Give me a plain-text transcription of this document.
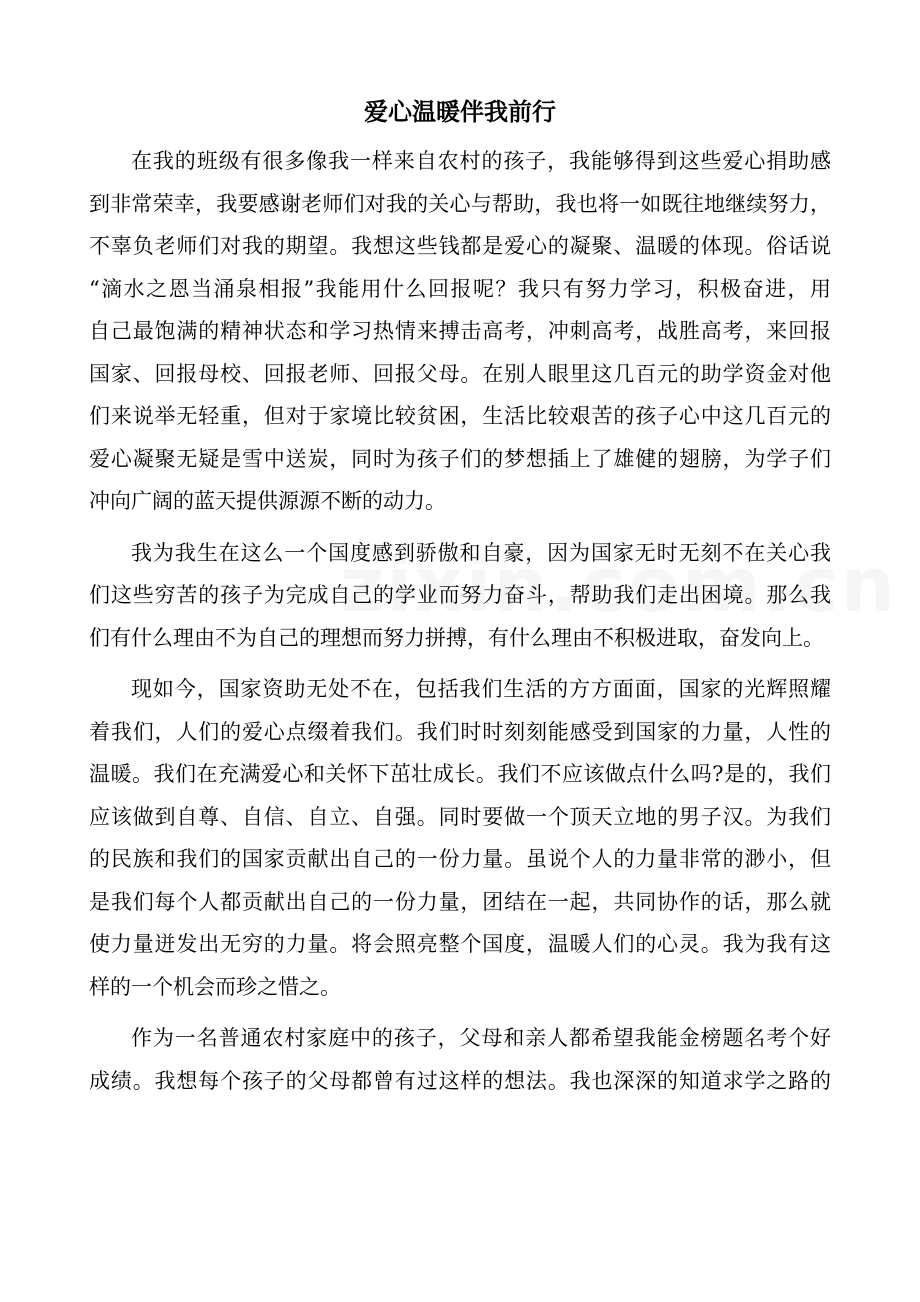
爱心温暖伴我前行
在我的班级有很多像我一样来自农村的孩子，我能够得到这些爱心捐助感
到非常荣幸，我要感谢老师们对我的关心与帮助，我也将一如既往地继续努力，
不辜负老师们对我的期望。我想这些钱都是爱心的凝聚、温暖的体现。俗话说
“滴水之恩当涌泉相报”我能用什么回报呢？我只有努力学习，积极奋进，用
自己最饱满的精神状态和学习热情来搏击高考，冲刺高考，战胜高考，来回报
国家、回报母校、回报老师、回报父母。在别人眼里这几百元的助学资金对他
们来说举无轻重，但对于家境比较贫困，生活比较艰苦的孩子心中这几百元的
爱心凝聚无疑是雪中送炭，同时为孩子们的梦想插上了雄健的翅膀，为学子们
冲向广阔的蓝天提供源源不断的动力。
我为我生在这么一个国度感到骄傲和自豪，因为国家无时无刻不在关心我
们这些穷苦的孩子为完成自己的学业而努力奋斗，帮助我们走出困境。那么我
们有什么理由不为自己的理想而努力拼搏，有什么理由不积极进取，奋发向上。
现如今，国家资助无处不在，包括我们生活的方方面面，国家的光辉照耀
着我们，人们的爱心点缀着我们。我们时时刻刻能感受到国家的力量，人性的
温暖。我们在充满爱心和关怀下茁壮成长。我们不应该做点什么吗?是的，我们
应该做到自尊、自信、自立、自强。同时要做一个顶天立地的男子汉。为我们
的民族和我们的国家贡献出自己的一份力量。虽说个人的力量非常的渺小，但
是我们每个人都贡献出自己的一份力量，团结在一起，共同协作的话，那么就
使力量迸发出无穷的力量。将会照亮整个国度，温暖人们的心灵。我为我有这
样的一个机会而珍之惜之。
作为一名普通农村家庭中的孩子，父母和亲人都希望我能金榜题名考个好
成绩。我想每个孩子的父母都曾有过这样的想法。我也深深的知道求学之路的
